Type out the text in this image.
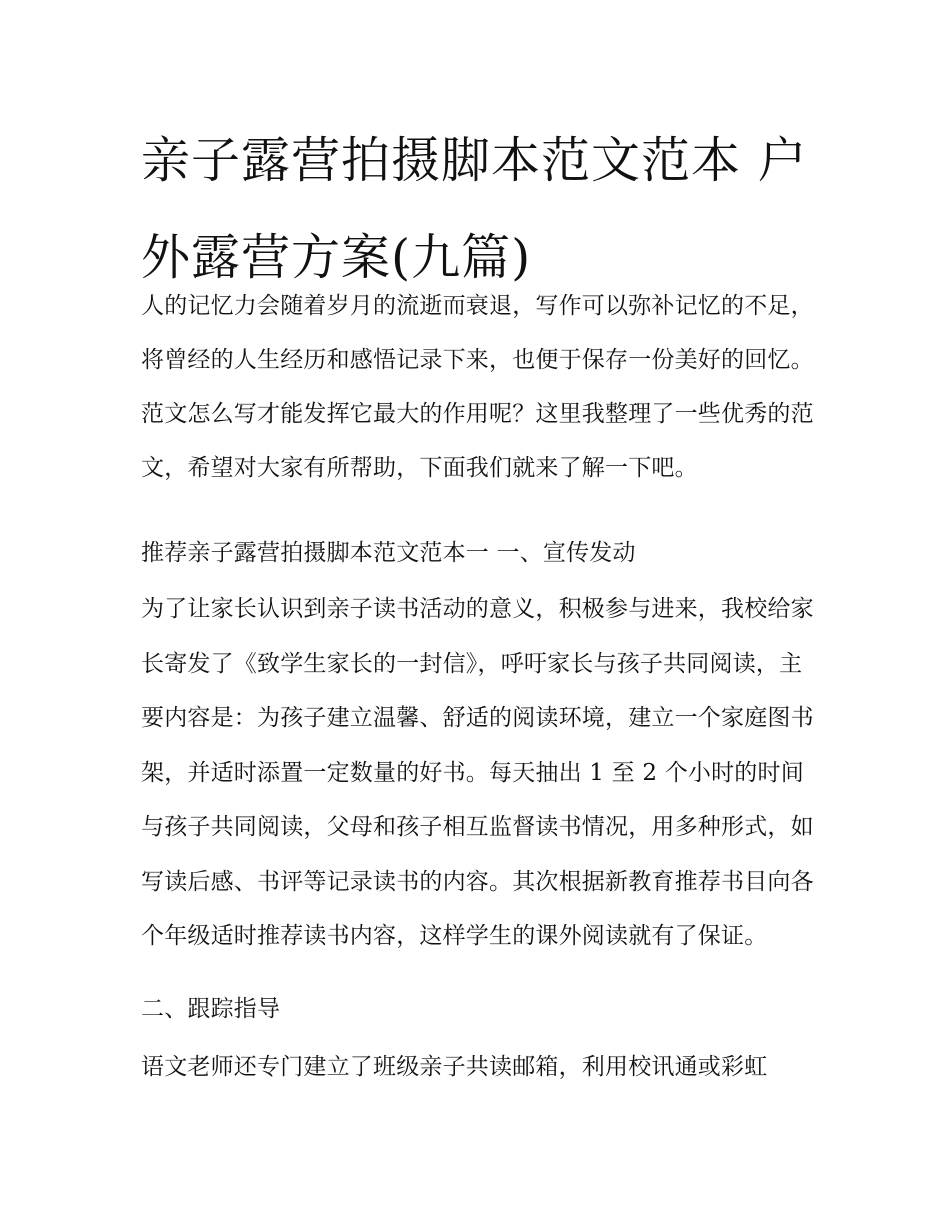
亲子露营拍摄脚本范文范本 户外露营方案(九篇)

人的记忆力会随着岁月的流逝而衰退，写作可以弥补记忆的不足，将曾经的人生经历和感悟记录下来，也便于保存一份美好的回忆。范文怎么写才能发挥它最大的作用呢？这里我整理了一些优秀的范文，希望对大家有所帮助，下面我们就来了解一下吧。

推荐亲子露营拍摄脚本范文范本一 一、宣传发动

为了让家长认识到亲子读书活动的意义，积极参与进来，我校给家长寄发了《致学生家长的一封信》，呼吁家长与孩子共同阅读，主要内容是：为孩子建立温馨、舒适的阅读环境，建立一个家庭图书架，并适时添置一定数量的好书。每天抽出 1 至 2 个小时的时间与孩子共同阅读，父母和孩子相互监督读书情况，用多种形式，如写读后感、书评等记录读书的内容。其次根据新教育推荐书目向各个年级适时推荐读书内容，这样学生的课外阅读就有了保证。

二、跟踪指导

语文老师还专门建立了班级亲子共读邮箱，利用校讯通或彩虹
